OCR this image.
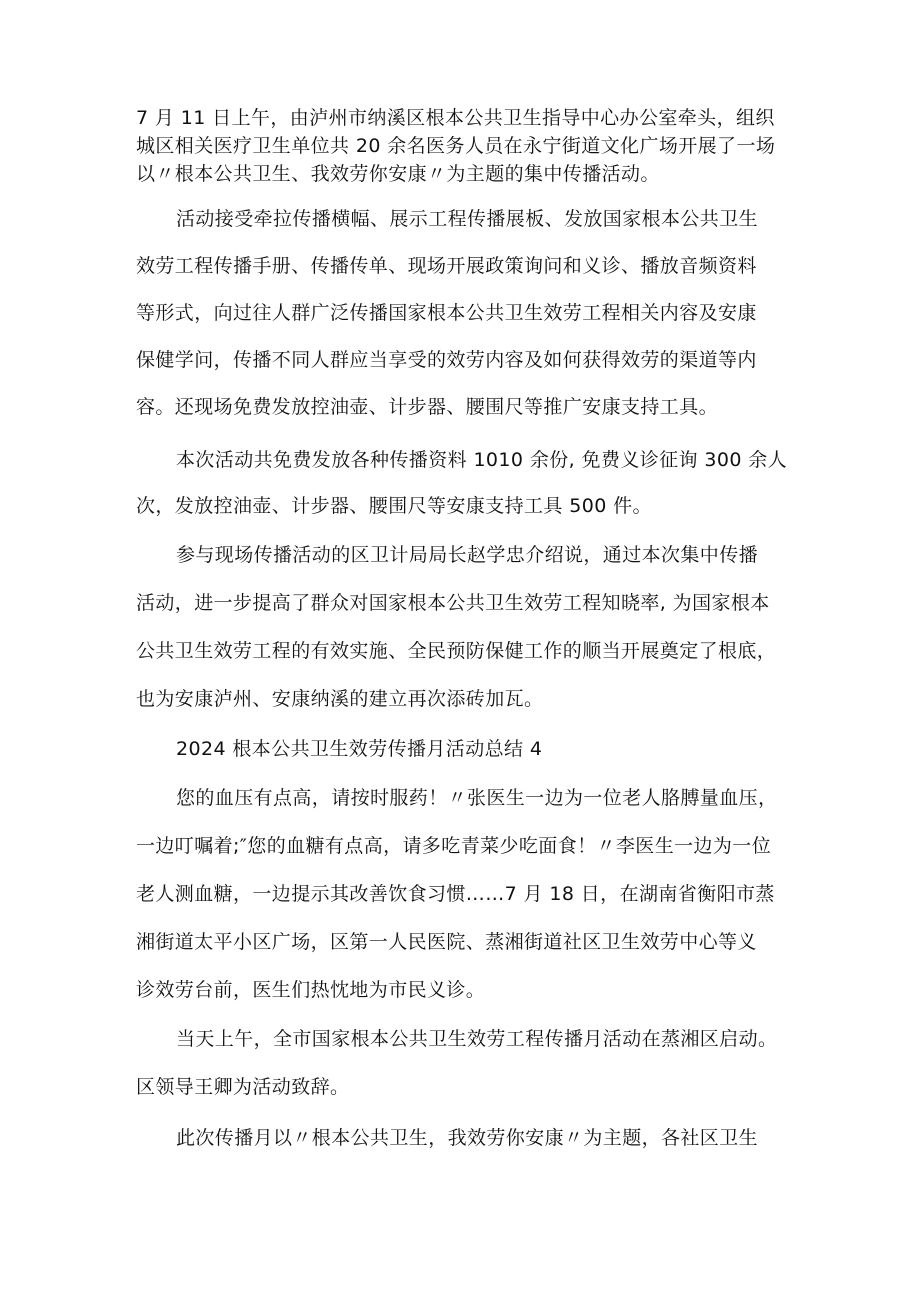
7 月 11 日上午，由泸州市纳溪区根本公共卫生指导中心办公室牵头，组织
城区相关医疗卫生单位共 20 余名医务人员在永宁街道文化广场开展了一场
以〃根本公共卫生、我效劳你安康〃为主题的集中传播活动。
活动接受牵拉传播横幅、展示工程传播展板、发放国家根本公共卫生
效劳工程传播手册、传播传单、现场开展政策询问和义诊、播放音频资料
等形式，向过往人群广泛传播国家根本公共卫生效劳工程相关内容及安康
保健学问，传播不同人群应当享受的效劳内容及如何获得效劳的渠道等内
容。还现场免费发放控油壶、计步器、腰围尺等推广安康支持工具。
本次活动共免费发放各种传播资料 1010 余份, 免费义诊征询 300 余人
次，发放控油壶、计步器、腰围尺等安康支持工具 500 件。
参与现场传播活动的区卫计局局长赵学忠介绍说，通过本次集中传播
活动，进一步提高了群众对国家根本公共卫生效劳工程知晓率, 为国家根本
公共卫生效劳工程的有效实施、全民预防保健工作的顺当开展奠定了根底，
也为安康泸州、安康纳溪的建立再次添砖加瓦。
2024 根本公共卫生效劳传播月活动总结 4
您的血压有点高，请按时服药！〃张医生一边为一位老人胳膊量血压，
一边叮嘱着;″您的血糖有点高，请多吃青菜少吃面食！〃李医生一边为一位
老人测血糖，一边提示其改善饮食习惯……7 月 18 日，在湖南省衡阳市蒸
湘街道太平小区广场，区第一人民医院、蒸湘街道社区卫生效劳中心等义
诊效劳台前，医生们热忱地为市民义诊。
当天上午，全市国家根本公共卫生效劳工程传播月活动在蒸湘区启动。
区领导王卿为活动致辞。
此次传播月以〃根本公共卫生，我效劳你安康〃为主题，各社区卫生
